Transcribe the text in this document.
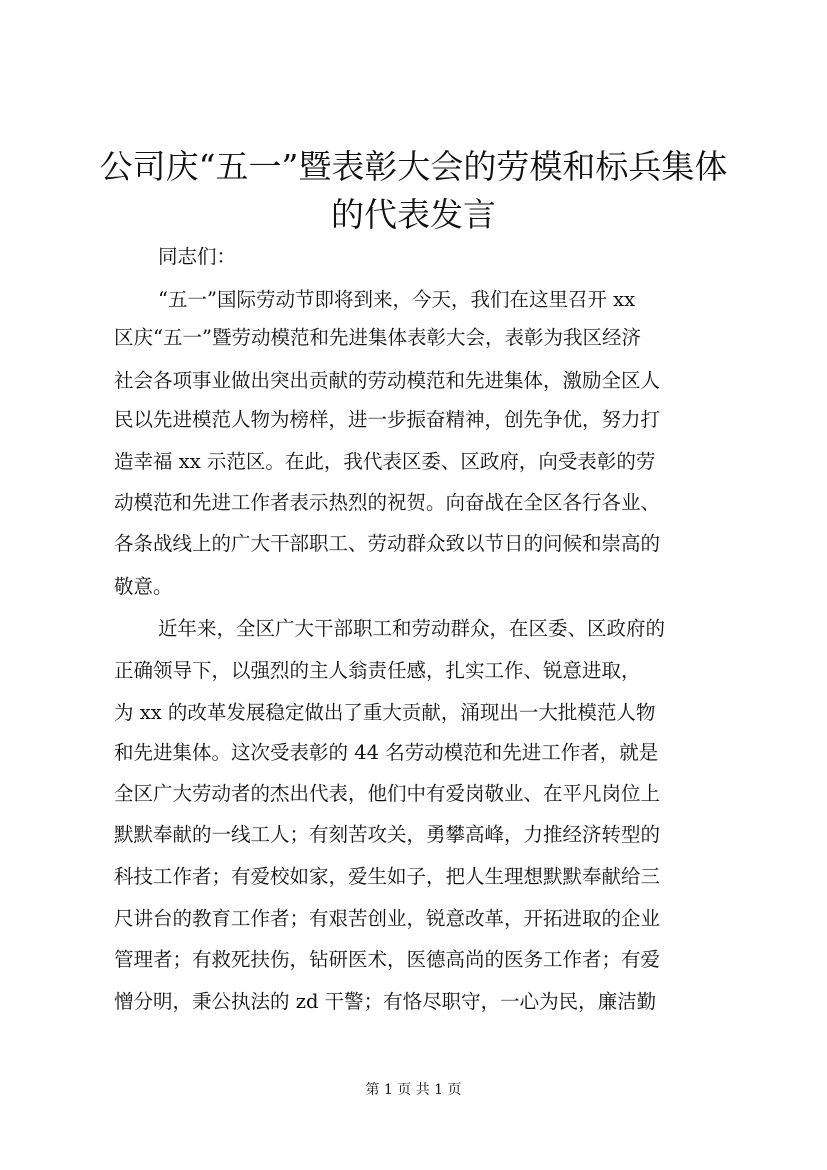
公司庆“五一”暨表彰大会的劳模和标兵集体
的代表发言

同志们：

“五一”国际劳动节即将到来，今天，我们在这里召开 xx

区庆“五一”暨劳动模范和先进集体表彰大会，表彰为我区经济

社会各项事业做出突出贡献的劳动模范和先进集体，激励全区人

民以先进模范人物为榜样，进一步振奋精神，创先争优，努力打

造幸福 xx 示范区。在此，我代表区委、区政府，向受表彰的劳

动模范和先进工作者表示热烈的祝贺。向奋战在全区各行各业、

各条战线上的广大干部职工、劳动群众致以节日的问候和崇高的

敬意。

近年来，全区广大干部职工和劳动群众，在区委、区政府的

正确领导下，以强烈的主人翁责任感，扎实工作、锐意进取，

为 xx 的改革发展稳定做出了重大贡献，涌现出一大批模范人物

和先进集体。这次受表彰的 44 名劳动模范和先进工作者，就是

全区广大劳动者的杰出代表，他们中有爱岗敬业、在平凡岗位上

默默奉献的一线工人；有刻苦攻关，勇攀高峰，力推经济转型的

科技工作者；有爱校如家，爱生如子，把人生理想默默奉献给三

尺讲台的教育工作者；有艰苦创业，锐意改革，开拓进取的企业

管理者；有救死扶伤，钻研医术，医德高尚的医务工作者；有爱

憎分明，秉公执法的 zd 干警；有恪尽职守，一心为民，廉洁勤

第 1 页 共 1 页
